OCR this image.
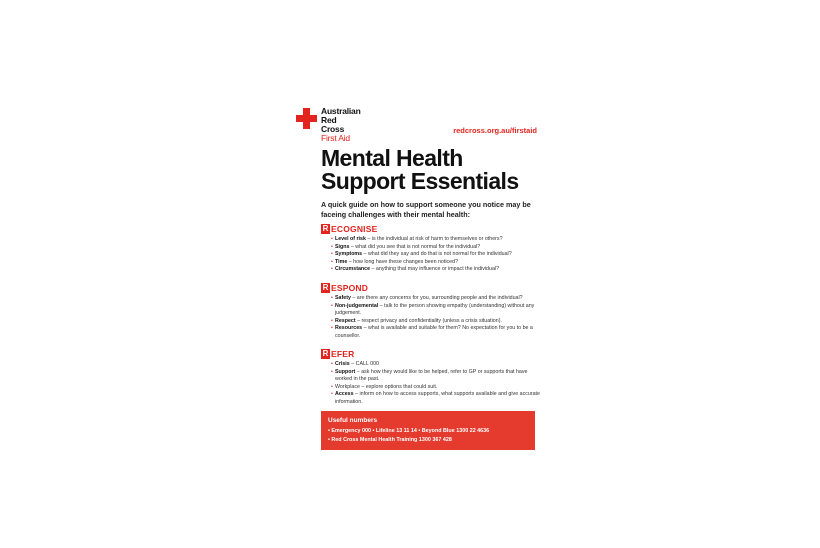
Australian
Red Cross
First Aid
redcross.org.au/firstaid
Mental Health
Support Essentials
A quick guide on how to support someone you notice may be faceing challenges with their mental health:
R ECOGNISE
• Level of risk – is the individual at risk of harm to themselves or others?
• Signs – what did you see that is not normal for the individual?
• Symptoms – what did they say and do that is not normal for the individual?
• Time – how long have these changes been noticed?
• Circumstance – anything that may influence or impact the individual?
R ESPOND
• Safety – are there any concerns for you, surrounding people and the individual?
• Non-judgemental – talk to the person showing empathy (understanding) without any judgement.
• Respect – respect privacy and confidentiality (unless a crisis situation).
• Resources – what is available and suitable for them? No expectation for you to be a counsellor.
R EFER
• Crisis – CALL 000
• Support – ask how they would like to be helped, refer to GP or supports that have worked in the past.
• Workplace – explore options that could suit.
• Access – inform on how to access supports, what supports available and give accurate information.
Useful numbers
• Emergency 000 • Lifeline 13 11 14 • Beyond Blue 1300 22 4636
• Red Cross Mental Health Training 1300 367 428
